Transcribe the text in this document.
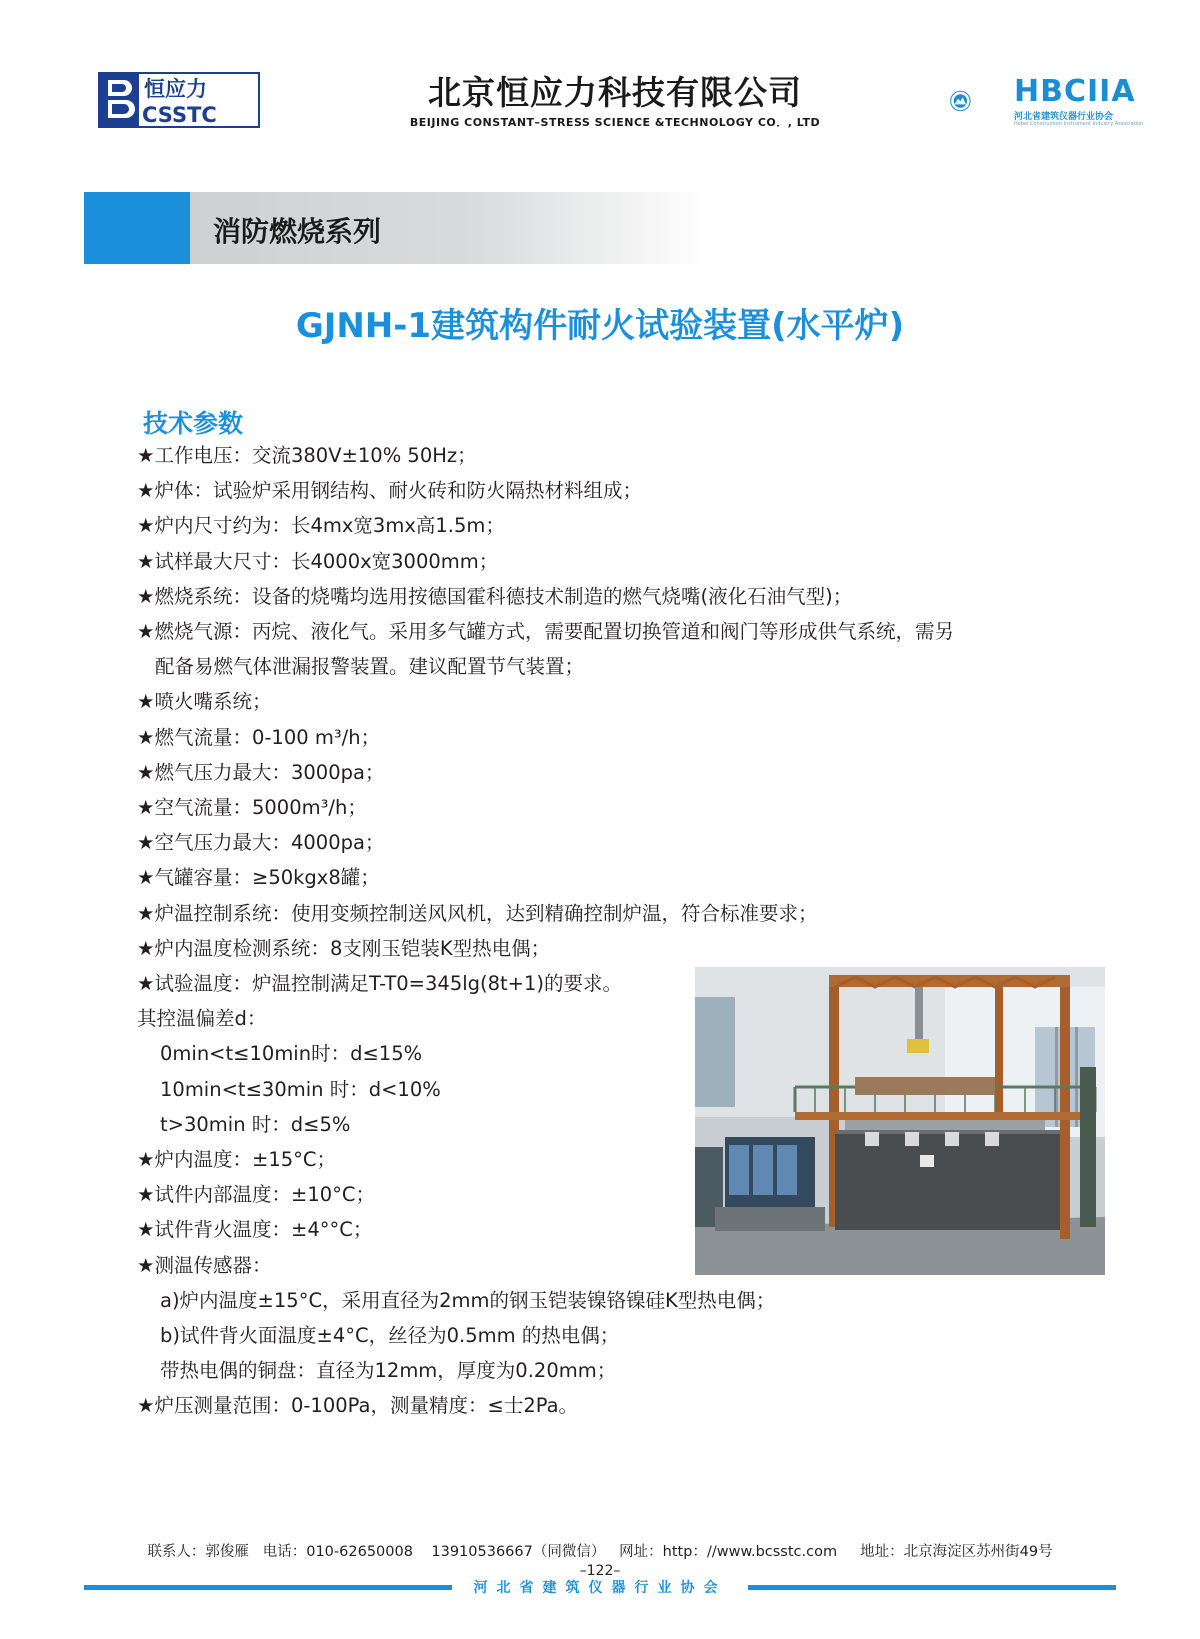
恒应力
CSSTC
北京恒应力科技有限公司
BEIJING CONSTANT–STRESS SCIENCE &TECHNOLOGY CO．, LTD
HBCIIA
河北省建筑仪器行业协会
Hebei Construction Instrument Industry Association
消防燃烧系列
GJNH-1建筑构件耐火试验装置(水平炉)
技术参数
★工作电压：交流380V±10% 50Hz；
★炉体：试验炉采用钢结构、耐火砖和防火隔热材料组成；
★炉内尺寸约为：长4mx宽3mx高1.5m；
★试样最大尺寸：长4000x宽3000mm；
★燃烧系统：设备的烧嘴均选用按德国霍科德技术制造的燃气烧嘴(液化石油气型)；
★燃烧气源：丙烷、液化气。采用多气罐方式，需要配置切换管道和阀门等形成供气系统，需另
配备易燃气体泄漏报警装置。建议配置节气装置；
★喷火嘴系统；
★燃气流量：0-100 m³/h；
★燃气压力最大：3000pa；
★空气流量：5000m³/h；
★空气压力最大：4000pa；
★气罐容量：≥50kgx8罐；
★炉温控制系统：使用变频控制送风风机，达到精确控制炉温，符合标准要求；
★炉内温度检测系统：8支刚玉铠装K型热电偶；
★试验温度：炉温控制满足T-T0=345lg(8t+1)的要求。
其控温偏差d：
0min<t≤10min时：d≤15%
10min<t≤30min 时：d<10%
t>30min 时：d≤5%
★炉内温度：±15°C；
★试件内部温度：±10°C；
★试件背火温度：±4°°C；
★测温传感器：
a)炉内温度±15°C，采用直径为2mm的钢玉铠装镍铬镍硅K型热电偶；
b)试件背火面温度±4°C，丝径为0.5mm 的热电偶；
带热电偶的铜盘：直径为12mm，厚度为0.20mm；
★炉压测量范围：0-100Pa，测量精度：≤士2Pa。
联系人：郭俊雁   电话：010-62650008    13910536667（同微信）   网址：http：//www.bcsstc.com     地址：北京海淀区苏州街49号
–122–
河北省建筑仪器行业协会
